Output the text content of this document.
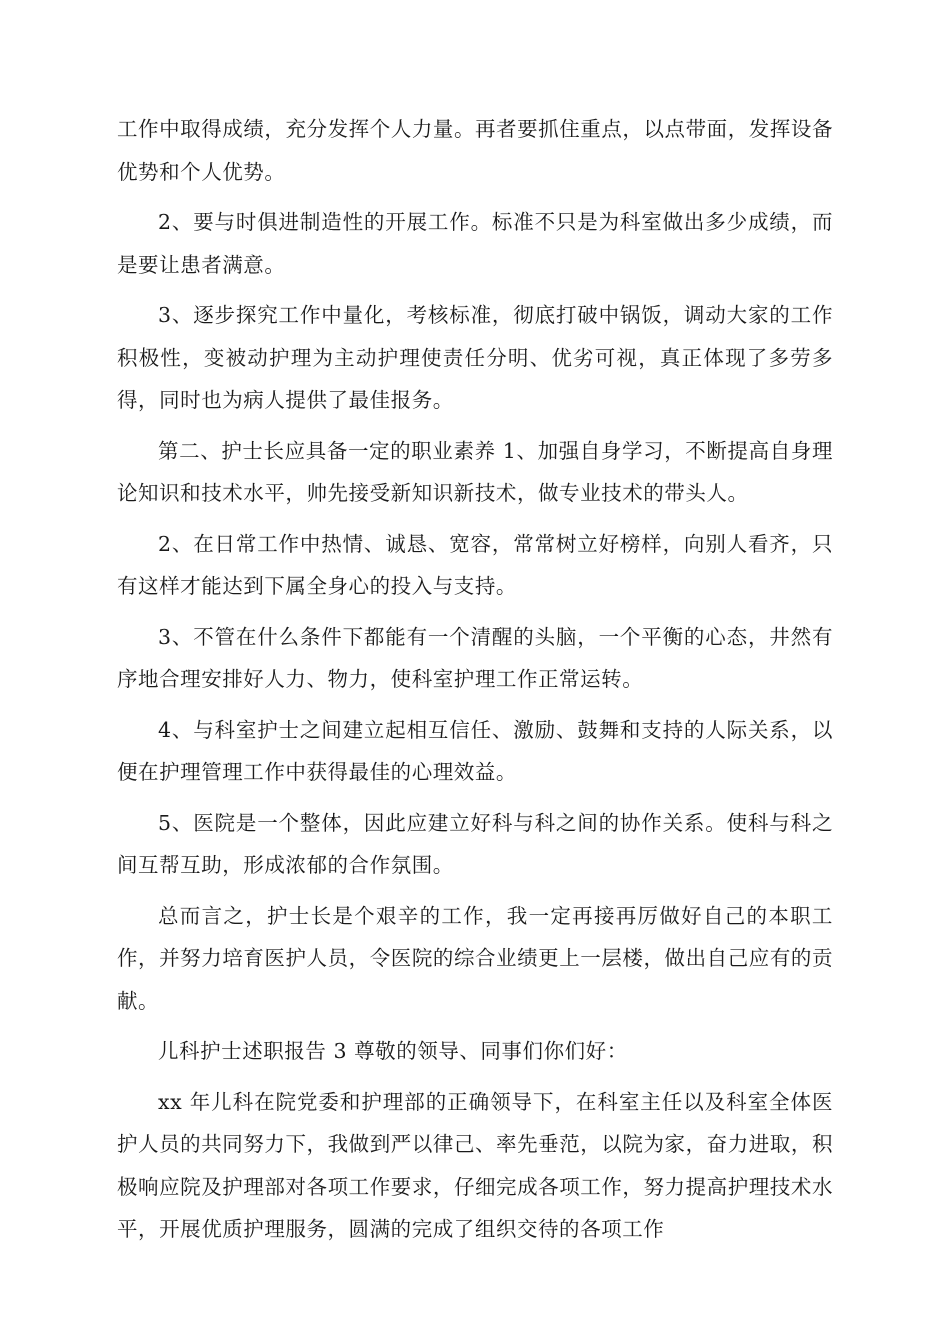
工作中取得成绩，充分发挥个人力量。再者要抓住重点，以点带面，发挥设备优势和个人优势。

2、要与时俱进制造性的开展工作。标准不只是为科室做出多少成绩，而是要让患者满意。

3、逐步探究工作中量化，考核标准，彻底打破中锅饭，调动大家的工作积极性，变被动护理为主动护理使责任分明、优劣可视，真正体现了多劳多得，同时也为病人提供了最佳报务。

第二、护士长应具备一定的职业素养 1、加强自身学习，不断提高自身理论知识和技术水平，帅先接受新知识新技术，做专业技术的带头人。

2、在日常工作中热情、诚恳、宽容，常常树立好榜样，向别人看齐，只有这样才能达到下属全身心的投入与支持。

3、不管在什么条件下都能有一个清醒的头脑，一个平衡的心态，井然有序地合理安排好人力、物力，使科室护理工作正常运转。

4、与科室护士之间建立起相互信任、激励、鼓舞和支持的人际关系，以便在护理管理工作中获得最佳的心理效益。

5、医院是一个整体，因此应建立好科与科之间的协作关系。使科与科之间互帮互助，形成浓郁的合作氛围。

总而言之，护士长是个艰辛的工作，我一定再接再厉做好自己的本职工作，并努力培育医护人员，令医院的综合业绩更上一层楼，做出自己应有的贡献。

儿科护士述职报告 3 尊敬的领导、同事们你们好：

xx 年儿科在院党委和护理部的正确领导下，在科室主任以及科室全体医护人员的共同努力下，我做到严以律己、率先垂范，以院为家，奋力进取，积极响应院及护理部对各项工作要求，仔细完成各项工作，努力提高护理技术水平，开展优质护理服务，圆满的完成了组织交待的各项工作
